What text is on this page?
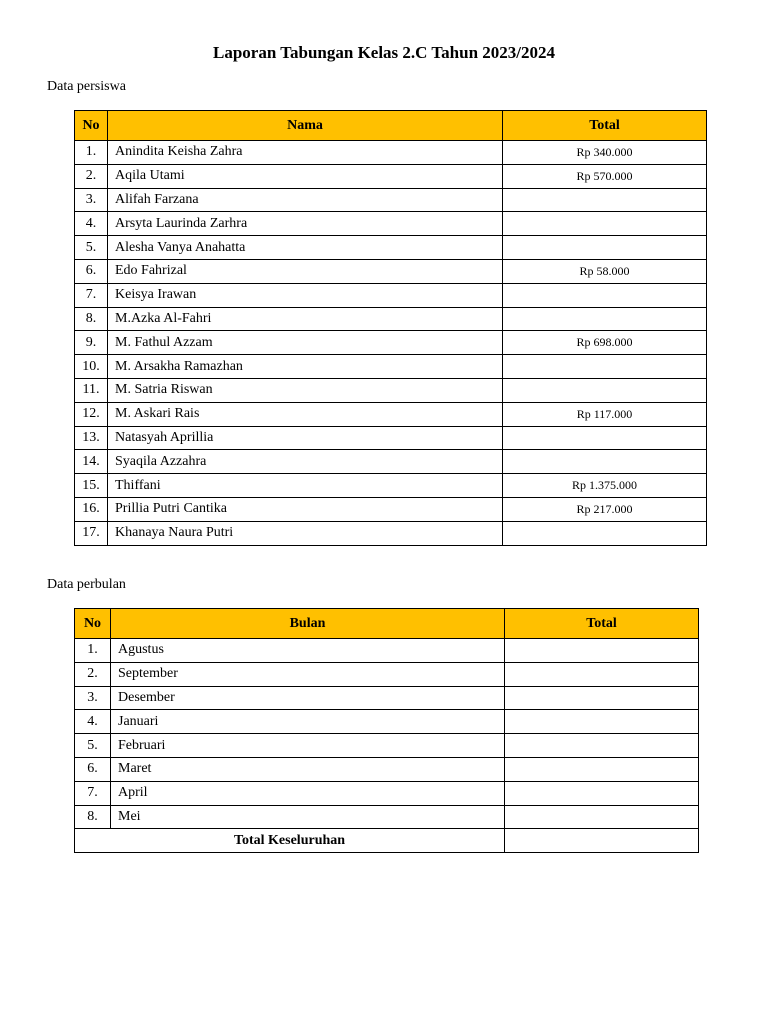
Laporan Tabungan Kelas 2.C Tahun 2023/2024
Data persiswa
No	Nama	Total
1.	Anindita Keisha Zahra	Rp 340.000
2.	Aqila Utami	Rp 570.000
3.	Alifah Farzana	
4.	Arsyta Laurinda Zarhra	
5.	Alesha Vanya Anahatta	
6.	Edo Fahrizal	Rp 58.000
7.	Keisya Irawan	
8.	M.Azka Al-Fahri	
9.	M. Fathul Azzam	Rp 698.000
10.	M. Arsakha Ramazhan	
11.	M. Satria Riswan	
12.	M. Askari Rais	Rp 117.000
13.	Natasyah Aprillia	
14.	Syaqila Azzahra	
15.	Thiffani	Rp 1.375.000
16.	Prillia Putri Cantika	Rp 217.000
17.	Khanaya Naura Putri	
Data perbulan
No	Bulan	Total
1.	Agustus	
2.	September	
3.	Desember	
4.	Januari	
5.	Februari	
6.	Maret	
7.	April	
8.	Mei	
Total Keseluruhan		
